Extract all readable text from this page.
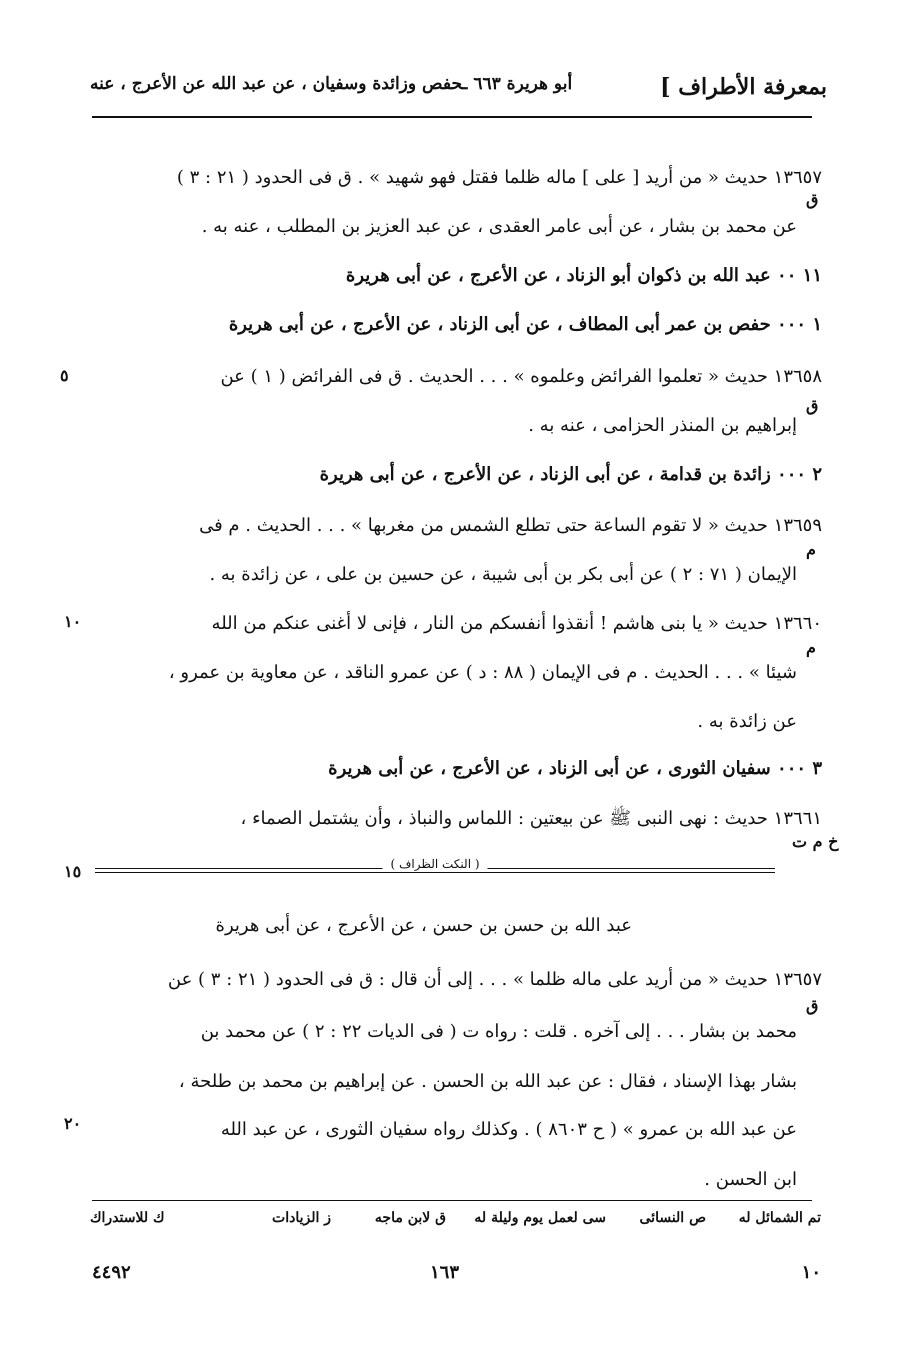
بمعرفة الأطراف ]
أبو هريرة ٦٦٣ ـحفص وزائدة وسفيان ، عن عبد الله عن الأعرج ، عنه
١٣٦٥٧ حديث « من أريد [ على ] ماله ظلما فقتل فهو شهيد » . ق فى الحدود ( ٢١ : ٣ )
عن محمد بن بشار ، عن أبى عامر العقدى ، عن عبد العزيز بن المطلب ، عنه به .
١١ ٠٠ عبد الله بن ذكوان أبو الزناد ، عن الأعرج ، عن أبى هريرة
١ ٠٠٠ حفص بن عمر أبى المطاف ، عن أبى الزناد ، عن الأعرج ، عن أبى هريرة
١٣٦٥٨ حديث « تعلموا الفرائض وعلموه » . . . الحديث . ق فى الفرائض ( ١ ) عن
إبراهيم بن المنذر الحزامى ، عنه به .
٢ ٠٠٠ زائدة بن قدامة ، عن أبى الزناد ، عن الأعرج ، عن أبى هريرة
١٣٦٥٩ حديث « لا تقوم الساعة حتى تطلع الشمس من مغربها » . . . الحديث . م فى
الإيمان ( ٧١ : ٢ ) عن أبى بكر بن أبى شيبة ، عن حسين بن على ، عن زائدة به .
١٣٦٦٠ حديث « يا بنى هاشم ! أنقذوا أنفسكم من النار ، فإنى لا أغنى عنكم من الله
شيئا » . . . الحديث . م فى الإيمان ( ٨٨ : د ) عن عمرو الناقد ، عن معاوية بن عمرو ،
عن زائدة به .
٣ ٠٠٠ سفيان الثورى ، عن أبى الزناد ، عن الأعرج ، عن أبى هريرة
١٣٦٦١ حديث : نهى النبى ﷺ عن بيعتين : اللماس والنباذ ، وأن يشتمل الصماء ،
عبد الله بن حسن بن حسن ، عن الأعرج ، عن أبى هريرة
١٣٦٥٧ حديث « من أريد على ماله ظلما » . . . إلى أن قال : ق فى الحدود ( ٢١ : ٣ ) عن
محمد بن بشار . . . إلى آخره . قلت : رواه ت ( فى الديات ٢٢ : ٢ ) عن محمد بن
بشار بهذا الإسناد ، فقال : عن عبد الله بن الحسن . عن إبراهيم بن محمد بن طلحة ،
عن عبد الله بن عمرو » ( ح ٨٦٠٣ ) . وكذلك رواه سفيان الثورى ، عن عبد الله
ابن الحسن .
ق
ق
م
م
خ م ت
ق
٥
١٠
١٥
٢٠
( النكت الظراف )
تم الشمائل له
ص النسائى
سى لعمل يوم وليلة له
ق لابن ماجه
ز الزيادات
ك للاستدراك
١٠
١٦٣
٤٤٩٢
